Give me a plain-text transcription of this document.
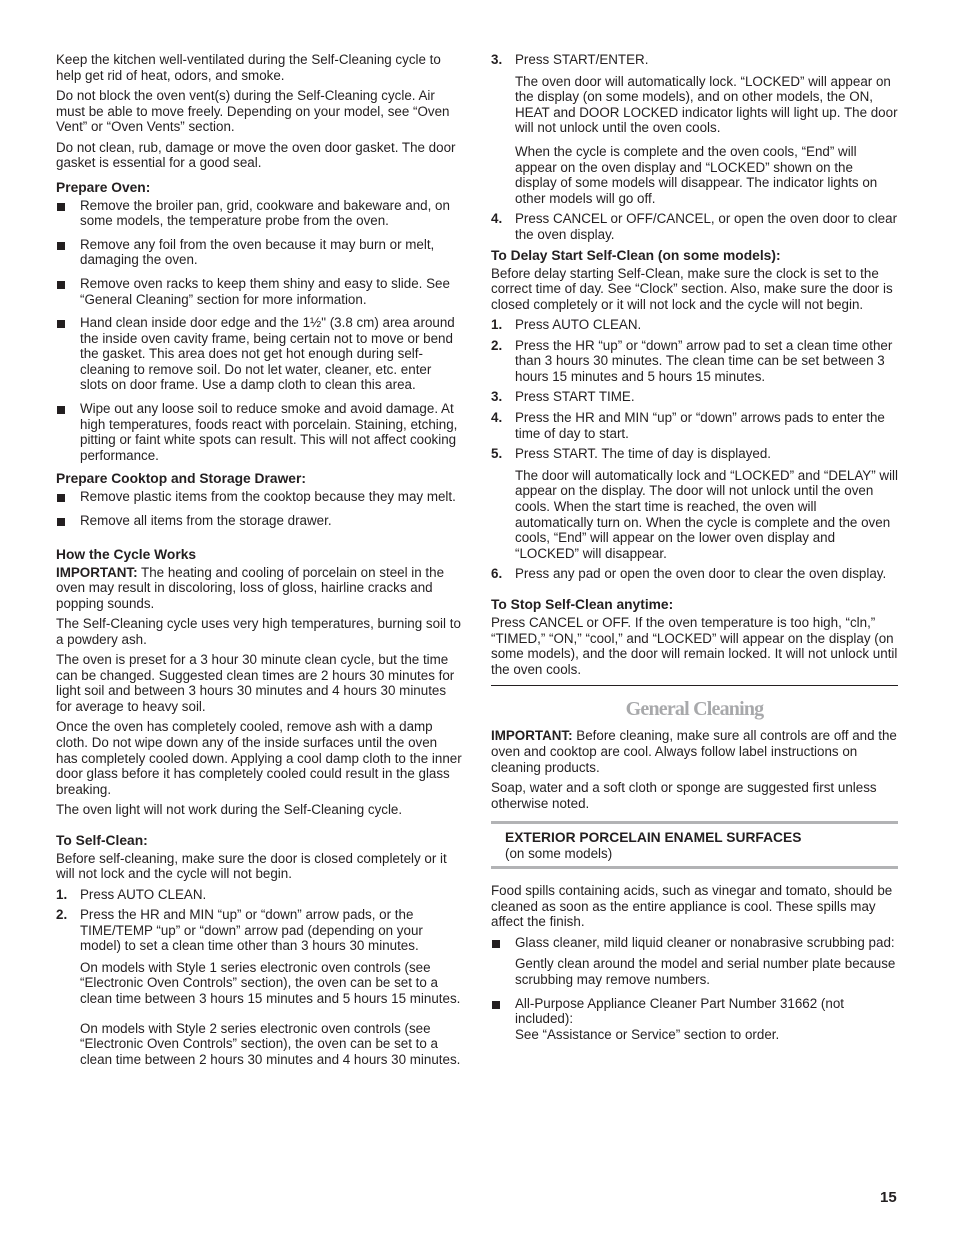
Keep the kitchen well-ventilated during the Self-Cleaning cycle to help get rid of heat, odors, and smoke.

Do not block the oven vent(s) during the Self-Cleaning cycle. Air must be able to move freely. Depending on your model, see “Oven Vent” or “Oven Vents” section.

Do not clean, rub, damage or move the oven door gasket. The door gasket is essential for a good seal.

Prepare Oven:
Remove the broiler pan, grid, cookware and bakeware and, on some models, the temperature probe from the oven.
Remove any foil from the oven because it may burn or melt, damaging the oven.
Remove oven racks to keep them shiny and easy to slide. See “General Cleaning” section for more information.
Hand clean inside door edge and the 1½" (3.8 cm) area around the inside oven cavity frame, being certain not to move or bend the gasket. This area does not get hot enough during self-cleaning to remove soil. Do not let water, cleaner, etc. enter slots on door frame. Use a damp cloth to clean this area.
Wipe out any loose soil to reduce smoke and avoid damage. At high temperatures, foods react with porcelain. Staining, etching, pitting or faint white spots can result. This will not affect cooking performance.
Prepare Cooktop and Storage Drawer:
Remove plastic items from the cooktop because they may melt.
Remove all items from the storage drawer.
How the Cycle Works

IMPORTANT: The heating and cooling of porcelain on steel in the oven may result in discoloring, loss of gloss, hairline cracks and popping sounds.

The Self-Cleaning cycle uses very high temperatures, burning soil to a powdery ash.

The oven is preset for a 3 hour 30 minute clean cycle, but the time can be changed. Suggested clean times are 2 hours 30 minutes for light soil and between 3 hours 30 minutes and 4 hours 30 minutes for average to heavy soil.

Once the oven has completely cooled, remove ash with a damp cloth. Do not wipe down any of the inside surfaces until the oven has completely cooled down. Applying a cool damp cloth to the inner door glass before it has completely cooled could result in the glass breaking.

The oven light will not work during the Self-Cleaning cycle.

To Self-Clean:

Before self-cleaning, make sure the door is closed completely or it will not lock and the cycle will not begin.

1. Press AUTO CLEAN.
2. Press the HR and MIN “up” or “down” arrow pads, or the TIME/TEMP “up” or “down” arrow pad (depending on your model) to set a clean time other than 3 hours 30 minutes.

On models with Style 1 series electronic oven controls (see “Electronic Oven Controls” section), the oven can be set to a clean time between 3 hours 15 minutes and 5 hours 15 minutes.

On models with Style 2 series electronic oven controls (see “Electronic Oven Controls” section), the oven can be set to a clean time between 2 hours 30 minutes and 4 hours 30 minutes.

3. Press START/ENTER.

The oven door will automatically lock. “LOCKED” will appear on the display (on some models), and on other models, the ON, HEAT and DOOR LOCKED indicator lights will light up. The door will not unlock until the oven cools.

When the cycle is complete and the oven cools, “End” will appear on the oven display and “LOCKED” shown on the display of some models will disappear. The indicator lights on other models will go off.

4. Press CANCEL or OFF/CANCEL, or open the oven door to clear the oven display.
To Delay Start Self-Clean (on some models):

Before delay starting Self-Clean, make sure the clock is set to the correct time of day. See “Clock” section. Also, make sure the door is closed completely or it will not lock and the cycle will not begin.

1. Press AUTO CLEAN.
2. Press the HR “up” or “down” arrow pad to set a clean time other than 3 hours 30 minutes. The clean time can be set between 3 hours 15 minutes and 5 hours 15 minutes.
3. Press START TIME.
4. Press the HR and MIN “up” or “down” arrows pads to enter the time of day to start.
5. Press START. The time of day is displayed.

The door will automatically lock and “LOCKED” and “DELAY” will appear on the display. The door will not unlock until the oven cools. When the start time is reached, the oven will automatically turn on. When the cycle is complete and the oven cools, “End” will appear on the lower oven display and “LOCKED” will disappear.

6. Press any pad or open the oven door to clear the oven display.
To Stop Self-Clean anytime:

Press CANCEL or OFF. If the oven temperature is too high, “cln,” “TIMED,” “ON,” “cool,” and “LOCKED” will appear on the display (on some models), and the door will remain locked. It will not unlock until the oven cools.

General Cleaning

IMPORTANT: Before cleaning, make sure all controls are off and the oven and cooktop are cool. Always follow label instructions on cleaning products.

Soap, water and a soft cloth or sponge are suggested first unless otherwise noted.

EXTERIOR PORCELAIN ENAMEL SURFACES
(on some models)

Food spills containing acids, such as vinegar and tomato, should be cleaned as soon as the entire appliance is cool. These spills may affect the finish.

Glass cleaner, mild liquid cleaner or nonabrasive scrubbing pad:

Gently clean around the model and serial number plate because scrubbing may remove numbers.

All-Purpose Appliance Cleaner Part Number 31662 (not included):
See “Assistance or Service” section to order.
15
